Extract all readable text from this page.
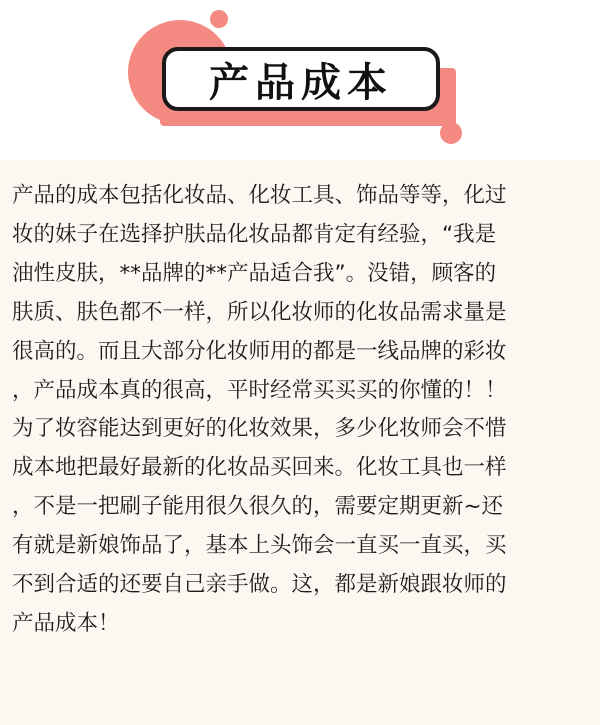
产品成本
产品的成本包括化妆品、化妆工具、饰品等等，化过
妆的妹子在选择护肤品化妆品都肯定有经验，“我是
油性皮肤，**品牌的**产品适合我”。没错，顾客的
肤质、肤色都不一样，所以化妆师的化妆品需求量是
很高的。而且大部分化妆师用的都是一线品牌的彩妆
，产品成本真的很高，平时经常买买买的你懂的！！
为了妆容能达到更好的化妆效果，多少化妆师会不惜
成本地把最好最新的化妆品买回来。化妆工具也一样
，不是一把刷子能用很久很久的，需要定期更新~还
有就是新娘饰品了，基本上头饰会一直买一直买，买
不到合适的还要自己亲手做。这，都是新娘跟妆师的
产品成本！
